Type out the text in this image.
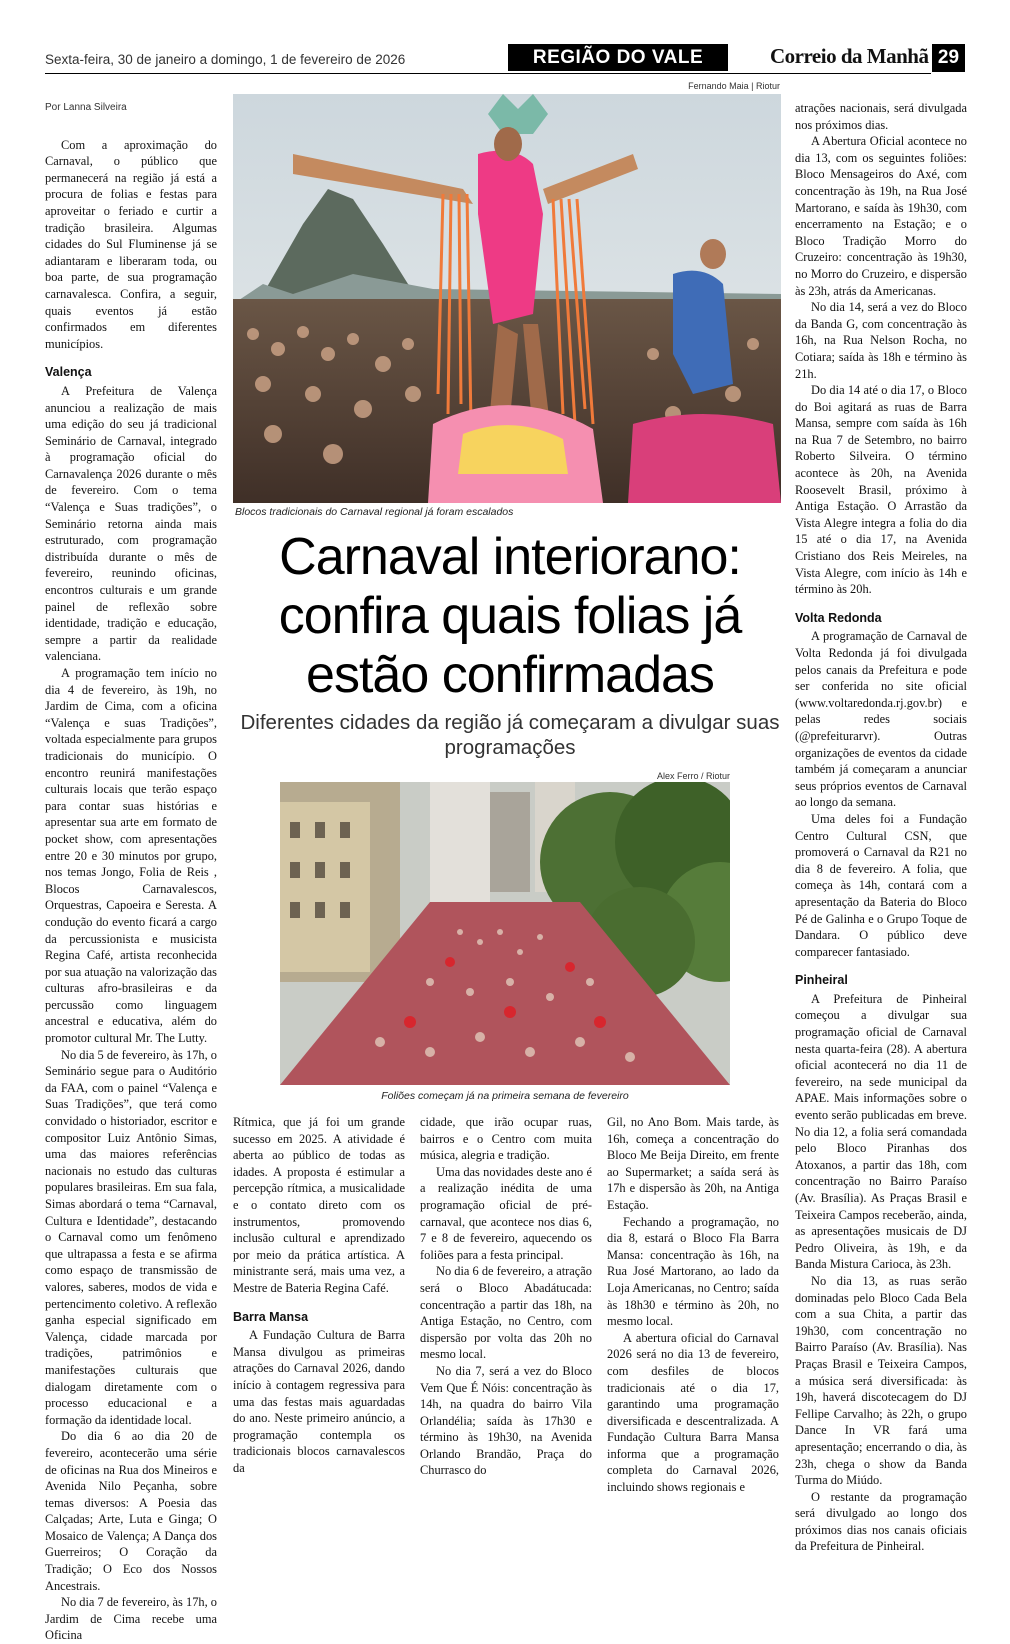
Sexta-feira, 30 de janeiro a domingo, 1 de fevereiro de 2026	REGIÃO DO VALE	Correio da Manhã 29

Por Lanna Silveira

Com a aproximação do Carnaval, o público que permanecerá na região já está a procura de folias e festas para aproveitar o feriado e curtir a tradição brasileira. Algumas cidades do Sul Fluminense já se adiantaram e liberaram toda, ou boa parte, de sua programação carnavalesca. Confira, a seguir, quais eventos já estão confirmados em diferentes municípios.

Valença

A Prefeitura de Valença anunciou a realização de mais uma edição do seu já tradicional Seminário de Carnaval, integrado à programação oficial do Carnavalença 2026 durante o mês de fevereiro. Com o tema “Valença e Suas tradições”, o Seminário retorna ainda mais estruturado, com programação distribuída durante o mês de fevereiro, reunindo oficinas, encontros culturais e um grande painel de reflexão sobre identidade, tradição e educação, sempre a partir da realidade valenciana.

A programação tem início no dia 4 de fevereiro, às 19h, no Jardim de Cima, com a oficina “Valença e suas Tradições”, voltada especialmente para grupos tradicionais do município. O encontro reunirá manifestações culturais locais que terão espaço para contar suas histórias e apresentar sua arte em formato de pocket show, com apresentações entre 20 e 30 minutos por grupo, nos temas Jongo, Folia de Reis , Blocos Carnavalescos, Orquestras, Capoeira e Seresta. A condução do evento ficará a cargo da percussionista e musicista Regina Café, artista reconhecida por sua atuação na valorização das culturas afro-brasileiras e da percussão como linguagem ancestral e educativa, além do promotor cultural Mr. The Lutty.

No dia 5 de fevereiro, às 17h, o Seminário segue para o Auditório da FAA, com o painel “Valença e Suas Tradições”, que terá como convidado o historiador, escritor e compositor Luiz Antônio Simas, uma das maiores referências nacionais no estudo das culturas populares brasileiras. Em sua fala, Simas abordará o tema “Carnaval, Cultura e Identidade”, destacando o Carnaval como um fenômeno que ultrapassa a festa e se afirma como espaço de transmissão de valores, saberes, modos de vida e pertencimento coletivo. A reflexão ganha especial significado em Valença, cidade marcada por tradições, patrimônios e manifestações culturais que dialogam diretamente com o processo educacional e a formação da identidade local.

Do dia 6 ao dia 20 de fevereiro, acontecerão uma série de oficinas na Rua dos Mineiros e Avenida Nilo Peçanha, sobre temas diversos: A Poesia das Calçadas; Arte, Luta e Ginga; O Mosaico de Valença; A Dança dos Guerreiros; O Coração da Tradição; O Eco dos Nossos Ancestrais.

No dia 7 de fevereiro, às 17h, o Jardim de Cima recebe uma Oficina

Fernando Maia | Riotur
Blocos tradicionais do Carnaval regional já foram escalados
Carnaval interiorano: confira quais folias já estão confirmadas
Diferentes cidades da região já começaram a divulgar suas programações
Alex Ferro / Riotur
Foliões começam já na primeira semana de fevereiro

Rítmica, que já foi um grande sucesso em 2025. A atividade é aberta ao público de todas as idades. A proposta é estimular a percepção rítmica, a musicalidade e o contato direto com os instrumentos, promovendo inclusão cultural e aprendizado por meio da prática artística. A ministrante será, mais uma vez, a Mestre de Bateria Regina Café.

Barra Mansa

A Fundação Cultura de Barra Mansa divulgou as primeiras atrações do Carnaval 2026, dando início à contagem regressiva para uma das festas mais aguardadas do ano. Neste primeiro anúncio, a programação contempla os tradicionais blocos carnavalescos da

cidade, que irão ocupar ruas, bairros e o Centro com muita música, alegria e tradição.

Uma das novidades deste ano é a realização inédita de uma programação oficial de pré-carnaval, que acontece nos dias 6, 7 e 8 de fevereiro, aquecendo os foliões para a festa principal.

No dia 6 de fevereiro, a atração será o Bloco Abadátucada: concentração a partir das 18h, na Antiga Estação, no Centro, com dispersão por volta das 20h no mesmo local.

No dia 7, será a vez do Bloco Vem Que É Nóis: concentração às 14h, na quadra do bairro Vila Orlandélia; saída às 17h30 e término às 19h30, na Avenida Orlando Brandão, Praça do Churrasco do

Gil, no Ano Bom. Mais tarde, às 16h, começa a concentração do Bloco Me Beija Direito, em frente ao Supermarket; a saída será às 17h e dispersão às 20h, na Antiga Estação.

Fechando a programação, no dia 8, estará o Bloco Fla Barra Mansa: concentração às 16h, na Rua José Martorano, ao lado da Loja Americanas, no Centro; saída às 18h30 e término às 20h, no mesmo local.

A abertura oficial do Carnaval 2026 será no dia 13 de fevereiro, com desfiles de blocos tradicionais até o dia 17, garantindo uma programação diversificada e descentralizada. A Fundação Cultura Barra Mansa informa que a programação completa do Carnaval 2026, incluindo shows regionais e

atrações nacionais, será divulgada nos próximos dias.

A Abertura Oficial acontece no dia 13, com os seguintes foliões: Bloco Mensageiros do Axé, com concentração às 19h, na Rua José Martorano, e saída às 19h30, com encerramento na Estação; e o Bloco Tradição Morro do Cruzeiro: concentração às 19h30, no Morro do Cruzeiro, e dispersão às 23h, atrás da Americanas.

No dia 14, será a vez do Bloco da Banda G, com concentração às 16h, na Rua Nelson Rocha, no Cotiara; saída às 18h e término às 21h.

Do dia 14 até o dia 17, o Bloco do Boi agitará as ruas de Barra Mansa, sempre com saída às 16h na Rua 7 de Setembro, no bairro Roberto Silveira. O término acontece às 20h, na Avenida Roosevelt Brasil, próximo à Antiga Estação. O Arrastão da Vista Alegre integra a folia do dia 15 até o dia 17, na Avenida Cristiano dos Reis Meireles, na Vista Alegre, com início às 14h e término às 20h.

Volta Redonda

A programação de Carnaval de Volta Redonda já foi divulgada pelos canais da Prefeitura e pode ser conferida no site oficial (www.voltaredonda.rj.gov.br) e pelas redes sociais (@prefeiturarvr). Outras organizações de eventos da cidade também já começaram a anunciar seus próprios eventos de Carnaval ao longo da semana.

Uma deles foi a Fundação Centro Cultural CSN, que promoverá o Carnaval da R21 no dia 8 de fevereiro. A folia, que começa às 14h, contará com a apresentação da Bateria do Bloco Pé de Galinha e o Grupo Toque de Dandara. O público deve comparecer fantasiado.

Pinheiral

A Prefeitura de Pinheiral começou a divulgar sua programação oficial de Carnaval nesta quarta-feira (28). A abertura oficial acontecerá no dia 11 de fevereiro, na sede municipal da APAE. Mais informações sobre o evento serão publicadas em breve. No dia 12, a folia será comandada pelo Bloco Piranhas dos Atoxanos, a partir das 18h, com concentração no Bairro Paraíso (Av. Brasília). As Praças Brasil e Teixeira Campos receberão, ainda, as apresentações musicais de DJ Pedro Oliveira, às 19h, e da Banda Mistura Carioca, às 23h.

No dia 13, as ruas serão dominadas pelo Bloco Cada Bela com a sua Chita, a partir das 19h30, com concentração no Bairro Paraíso (Av. Brasília). Nas Praças Brasil e Teixeira Campos, a música será diversificada: às 19h, haverá discotecagem do DJ Fellipe Carvalho; às 22h, o grupo Dance In VR fará uma apresentação; encerrando o dia, às 23h, chega o show da Banda Turma do Miúdo.

O restante da programação será divulgado ao longo dos próximos dias nos canais oficiais da Prefeitura de Pinheiral.
